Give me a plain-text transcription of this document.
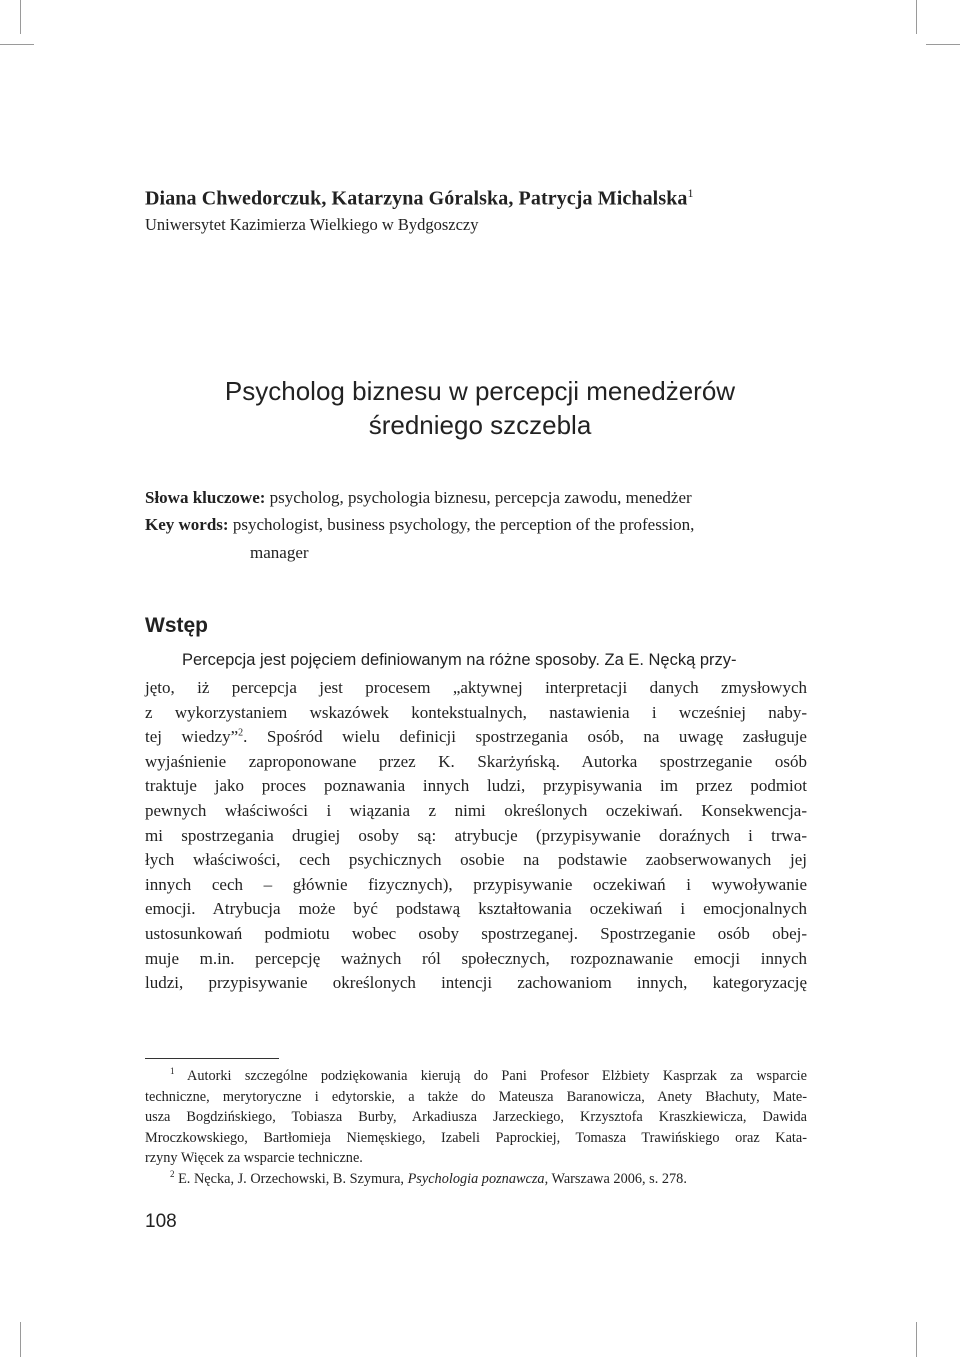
Diana Chwedorczuk, Katarzyna Góralska, Patrycja Michalska$^1$
Uniwersytet Kazimierza Wielkiego w Bydgoszczy
Psycholog biznesu w percepcji menedżerów
średniego szczebla
Słowa kluczowe: psycholog, psychologia biznesu, percepcja zawodu, menedżer
Key words: psychologist, business psychology, the perception of the profession,
manager
Wstęp
Percepcja jest pojęciem definiowanym na różne sposoby. Za E. Nęcką przy-
jęto, iż percepcja jest procesem „aktywnej interpretacji danych zmysłowych
z wykorzystaniem wskazówek kontekstualnych, nastawienia i wcześniej naby-
tej wiedzy”$^2$. Spośród wielu definicji spostrzegania osób, na uwagę zasługuje
wyjaśnienie zaproponowane przez K. Skarżyńską. Autorka spostrzeganie osób
traktuje jako proces poznawania innych ludzi, przypisywania im przez podmiot
pewnych właściwości i wiązania z nimi określonych oczekiwań. Konsekwencja-
mi spostrzegania drugiej osoby są: atrybucje (przypisywanie doraźnych i trwa-
łych właściwości, cech psychicznych osobie na podstawie zaobserwowanych jej
innych cech – głównie fizycznych), przypisywanie oczekiwań i wywoływanie
emocji. Atrybucja może być podstawą kształtowania oczekiwań i emocjonalnych
ustosunkowań podmiotu wobec osoby spostrzeganej. Spostrzeganie osób obej-
muje m.in. percepcję ważnych ról społecznych, rozpoznawanie emocji innych
ludzi, przypisywanie określonych intencji zachowaniom innych, kategoryzację
$^1$ Autorki szczególne podziękowania kierują do Pani Profesor Elżbiety Kasprzak za wsparcie
techniczne, merytoryczne i edytorskie, a także do Mateusza Baranowicza, Anety Błachuty, Mate-
usza Bogdzińskiego, Tobiasza Burby, Arkadiusza Jarzeckiego, Krzysztofa Kraszkiewicza, Dawida
Mroczkowskiego, Bartłomieja Niemęskiego, Izabeli Paprockiej, Tomasza Trawińskiego oraz Kata-
rzyny Więcek za wsparcie techniczne.
$^2$ E. Nęcka, J. Orzechowski, B. Szymura, Psychologia poznawcza, Warszawa 2006, s. 278.
108
